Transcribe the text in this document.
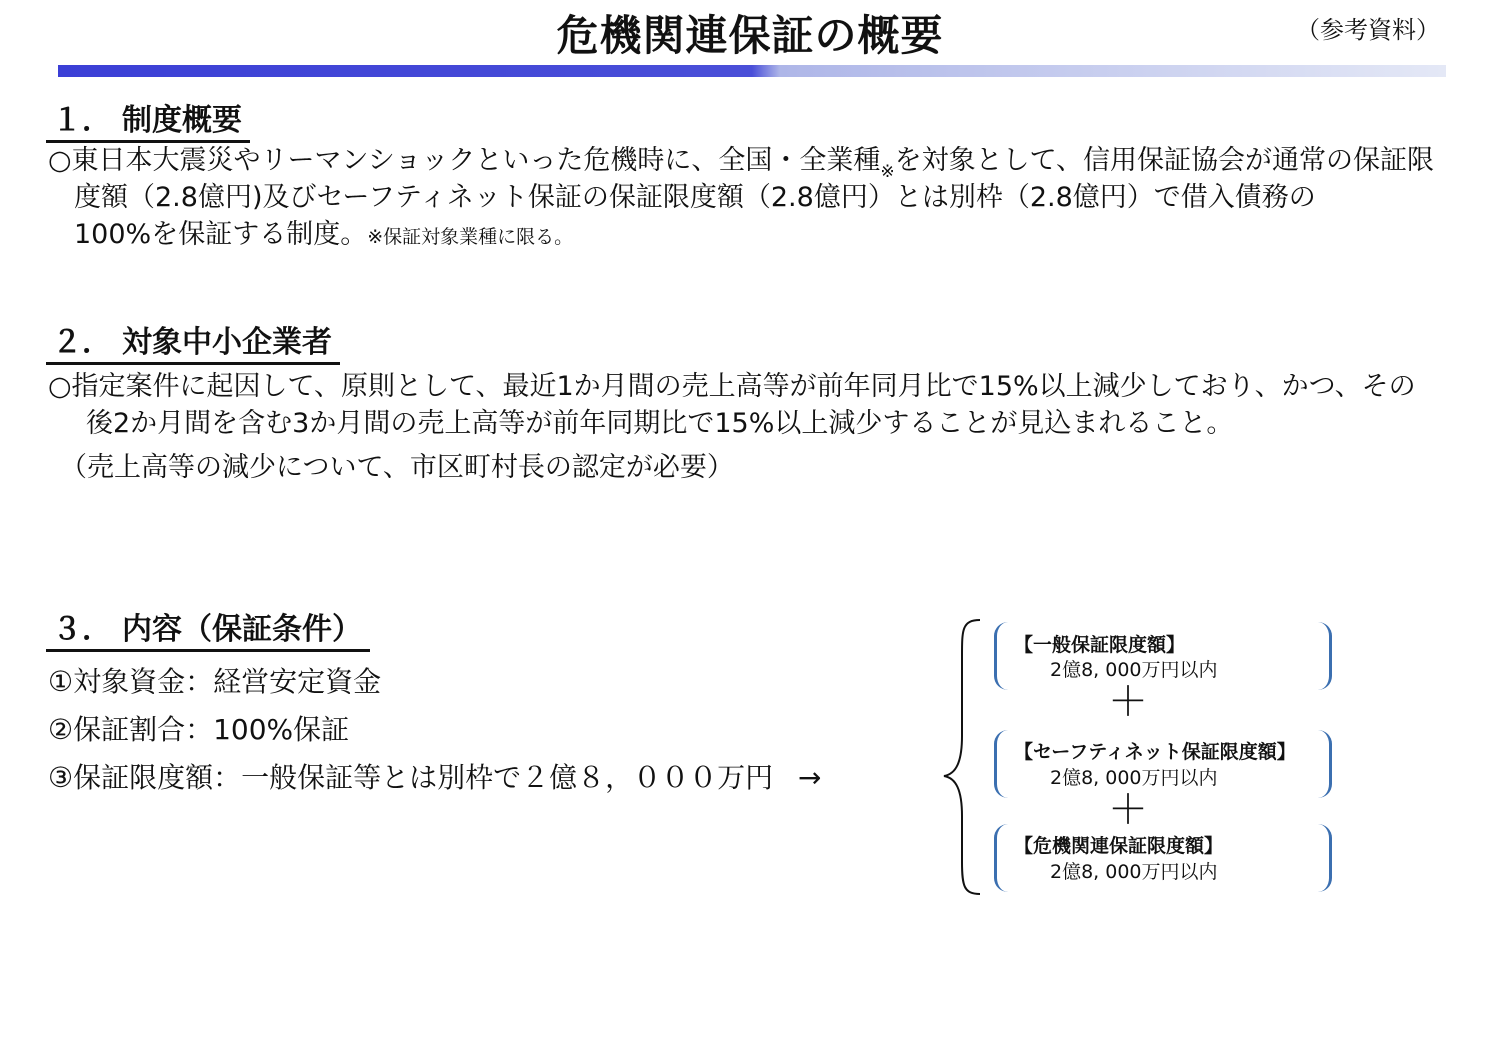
危機関連保証の概要	（参考資料）
１． 制度概要
○東日本大震災やリーマンショックといった危機時に、全国・全業種$_※$を対象として、信用保証協会が通常の保証限
度額（2.8億円)及びセーフティネット保証の保証限度額（2.8億円）とは別枠（2.8億円）で借入債務の
100%を保証する制度。※保証対象業種に限る。
２． 対象中小企業者
○指定案件に起因して、原則として、最近1か月間の売上高等が前年同月比で15%以上減少しており、かつ、その
後2か月間を含む3か月間の売上高等が前年同期比で15%以上減少することが見込まれること。
（売上高等の減少について、市区町村長の認定が必要）
３． 内容（保証条件）
①対象資金：経営安定資金
②保証割合：100%保証
③保証限度額：一般保証等とは別枠で２億８，０００万円 →
【一般保証限度額】
2億8, 000万円以内
＋
【セーフティネット保証限度額】
2億8, 000万円以内
＋
【危機関連保証限度額】
2億8, 000万円以内
